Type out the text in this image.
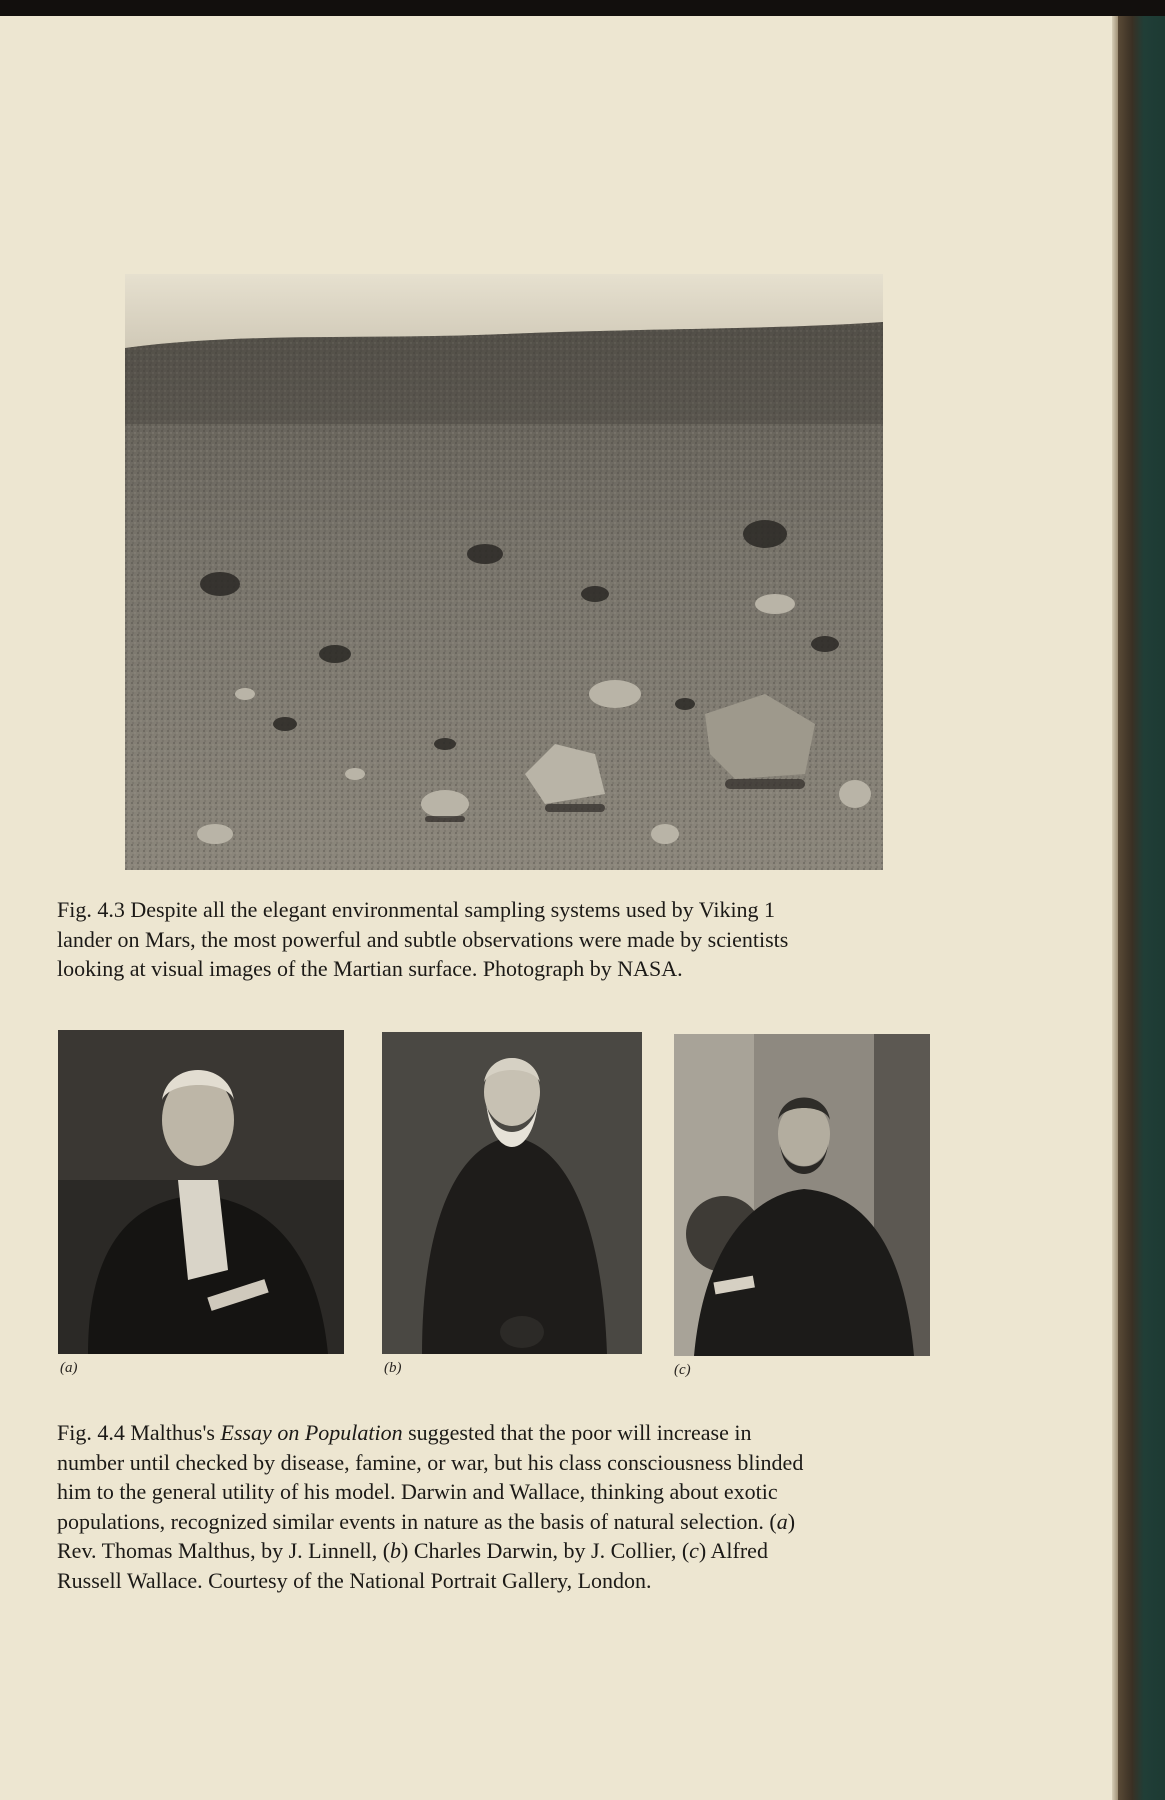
Fig. 4.3 Despite all the elegant environmental sampling systems used by Viking 1
lander on Mars, the most powerful and subtle observations were made by scientists
looking at visual images of the Martian surface. Photograph by NASA.
(a)	(b)	(c)
Fig. 4.4 Malthus's Essay on Population suggested that the poor will increase in
number until checked by disease, famine, or war, but his class consciousness blinded
him to the general utility of his model. Darwin and Wallace, thinking about exotic
populations, recognized similar events in nature as the basis of natural selection. (a)
Rev. Thomas Malthus, by J. Linnell, (b) Charles Darwin, by J. Collier, (c) Alfred
Russell Wallace. Courtesy of the National Portrait Gallery, London.
